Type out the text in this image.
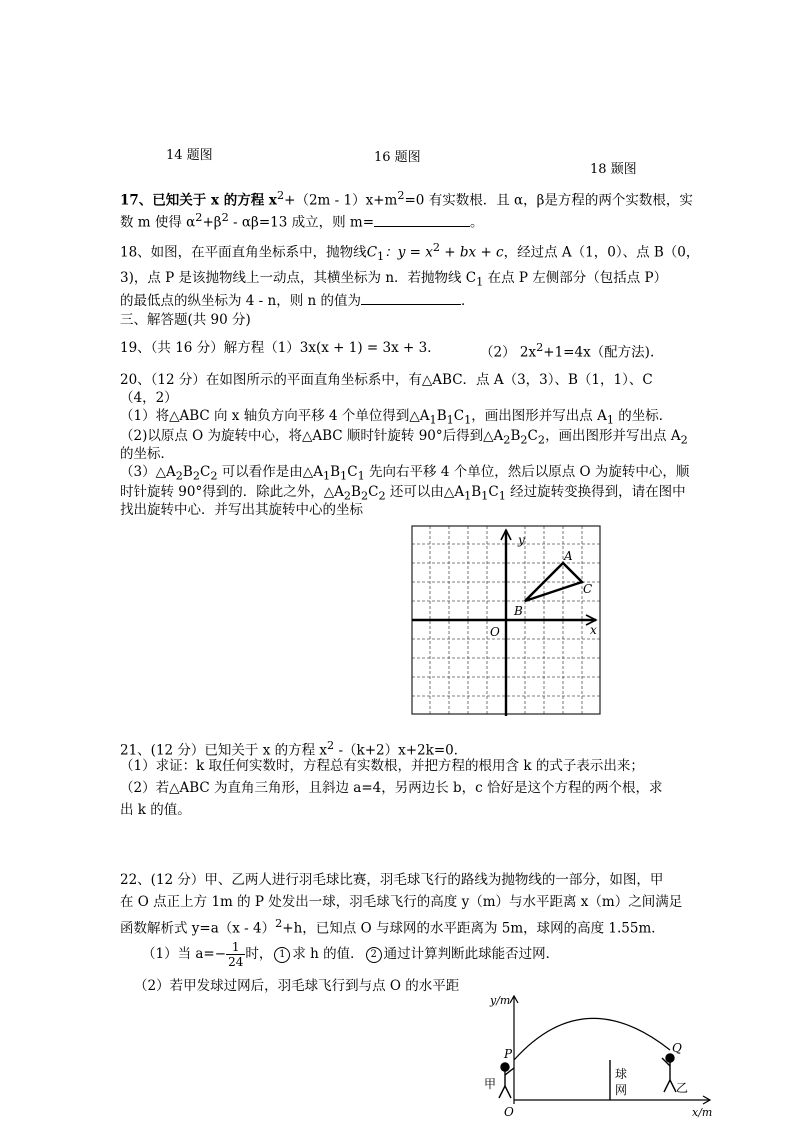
14 题图	16 题图
18 颞图
17、已知关于 x 的方程 $x^2+(2m - 1)x+m^2=0$ 有实数根．且 α，β是方程的两个实数根，实
数 m 使得 $\alpha^2+\beta^2 - \alpha\beta=13$ 成立，则 m=	。
18、如图，在平面直角坐标系中，抛物线$C_1$：$y = x^2$ + bx + c，经过点 A（1，0）、点 B（0，
3)，点 P 是该抛物线上一动点，其横坐标为 n．若抛物线 $C_1$ 在点 P 左侧部分（包括点 P）
的最低点的纵坐标为 4 - n，则 n 的值为	．
三、解答题(共 90 分)
19、（共 16 分）解方程（1）3x(x + 1) = 3x + 3．	（2） $2x^2+1=4x$（配方法).
20、（12 分）在如图所示的平面直角坐标系中，有△ABC．点 A（3，3）、B（1，1）、C
（4，2）
（1）将△ABC 向 x 轴负方向平移 4 个单位得到$\triangle A_1B_1C_1$，画出图形并写出点 $A_1$ 的坐标．
（2)以原点 O 为旋转中心，将△ABC 顺时针旋转 90°后得到$\triangle A_2B_2C_2$，画出图形并写出点 $A_2$
的坐标．
$(3)\triangle A_2B_2C_2$ 可以看作是由$\triangle A_1B_1C_1$ 先向右平移 4 个单位，然后以原点 O 为旋转中心，顺
时针旋转 90°得到的．除此之外，$\triangle A_2B_2C_2$ 还可以由$\triangle A_1B_1C_1$ 经过旋转变换得到，请在图中
找出旋转中心．并写出其旋转中心的坐标
y
x
O
A
B
C
21、(12 分）已知关于 x 的方程 $x^2$ -（k+2）x+2k=0．
（1）求证：k 取任何实数时，方程总有实数根，并把方程的根用含 k 的式子表示出来；
（2）若△ABC 为直角三角形，且斜边 a=4，另两边长 b，c 恰好是这个方程的两个根，求
出 k 的值。
22、(12 分）甲、乙两人进行羽毛球比赛，羽毛球飞行的路线为抛物线的一部分，如图，甲
在 O 点正上方 1m 的 P 处发出一球，羽毛球飞行的高度 y（m）与水平距离 x（m）之间满足
函数解析式 y=a（x - 4）$^2$+h，已知点 O 与球网的水平距离为 5m，球网的高度 1.55m．
（1）当 $a=- \frac{1}{24}$ 时， 1 求 h 的值． 2 通过计算判断此球能否过网．
（2）若甲发球过网后，羽毛球飞行到与点 O 的水平距
y/m
x/m
P	Q
O
甲	乙
球
网
